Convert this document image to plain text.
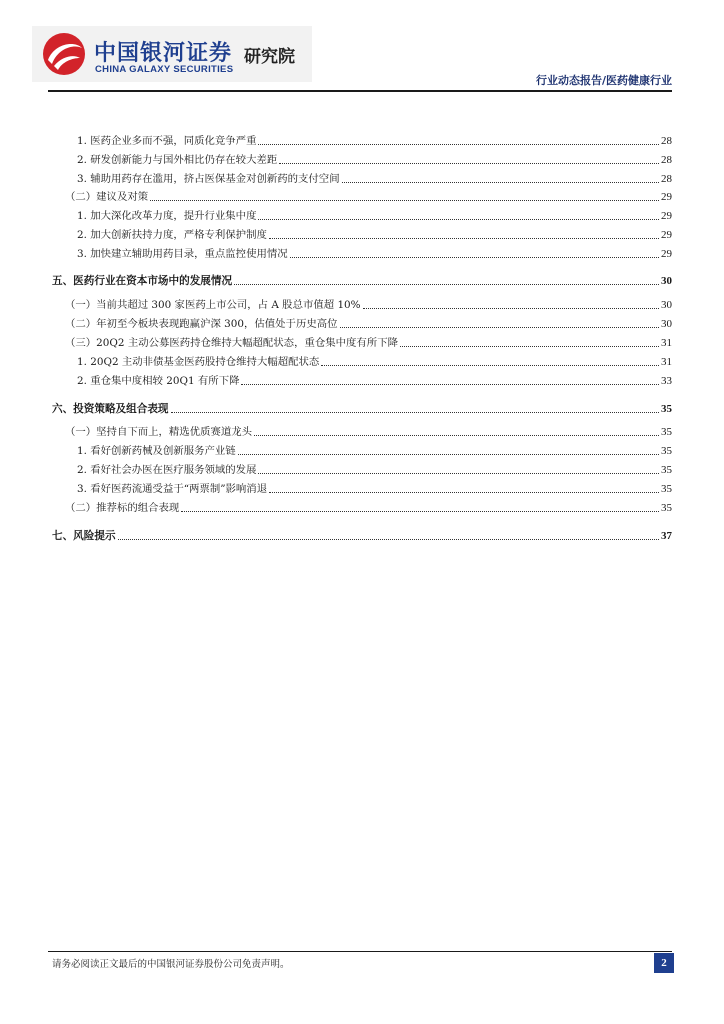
中国银河证券
CHINA GALAXY SECURITIES
研究院
行业动态报告/医药健康行业
1. 医药企业多而不强，同质化竞争严重	28
2. 研发创新能力与国外相比仍存在较大差距	28
3. 辅助用药存在滥用，挤占医保基金对创新药的支付空间	28
（二）建议及对策	29
1. 加大深化改革力度，提升行业集中度	29
2. 加大创新扶持力度，严格专利保护制度	29
3. 加快建立辅助用药目录，重点监控使用情况	29
五、医药行业在资本市场中的发展情况	30
（一）当前共超过 300 家医药上市公司，占 A 股总市值超 10%	30
（二）年初至今板块表现跑赢沪深 300，估值处于历史高位	30
（三）20Q2 主动公募医药持仓维持大幅超配状态，重仓集中度有所下降	31
1. 20Q2 主动非债基金医药股持仓维持大幅超配状态	31
2. 重仓集中度相较 20Q1 有所下降	33
六、投资策略及组合表现	35
（一）坚持自下而上，精选优质赛道龙头	35
1. 看好创新药械及创新服务产业链	35
2. 看好社会办医在医疗服务领域的发展	35
3. 看好医药流通受益于“两票制”影响消退	35
（二）推荐标的组合表现	35
七、风险提示	37
请务必阅读正文最后的中国银河证券股份公司免责声明。	2
